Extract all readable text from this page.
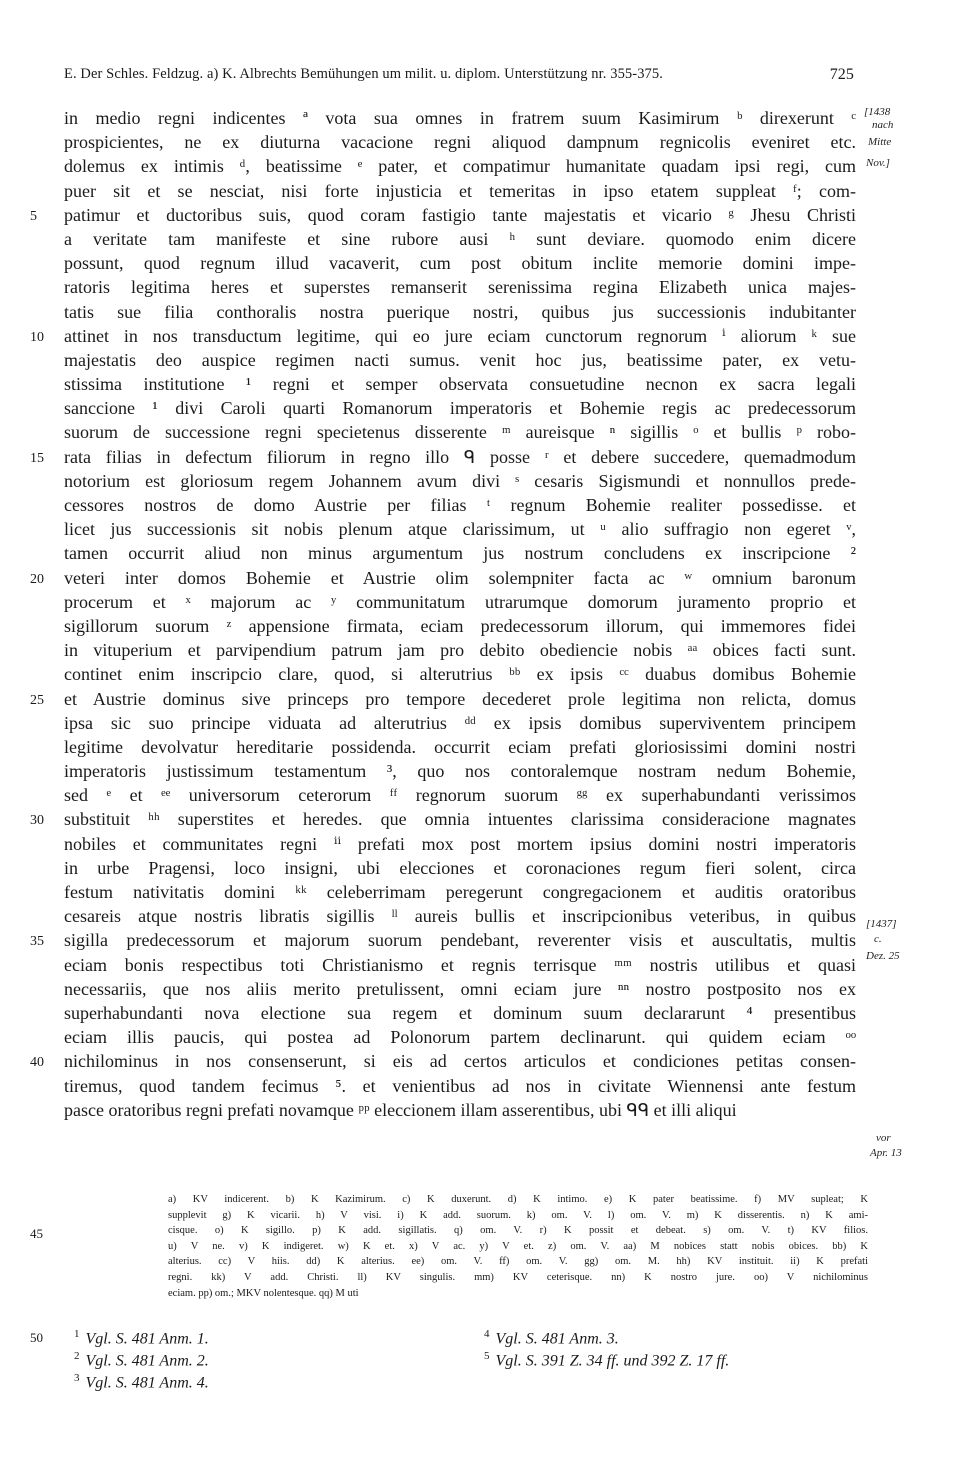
E. Der Schles. Feldzug. a) K. Albrechts Bemühungen um milit. u. diplom. Unterstützung nr. 355-375.	725
in medio regni indicentes ª vota sua omnes in fratrem suum Kasimirum ᵇ direxerunt ᶜ
prospicientes, ne ex diuturna vacacione regni aliquod dampnum regnicolis eveniret etc.
dolemus ex intimis ᵈ, beatissime ᵉ pater, et compatimur humanitate quadam ipsi regi, cum
puer sit et se nesciat, nisi forte injusticia et temeritas in ipso etatem suppleat ᶠ; com-
5	patimur et ductoribus suis, quod coram fastigio tante majestatis et vicario ᵍ Jhesu Christi
a veritate tam manifeste et sine rubore ausi ʰ sunt deviare. quomodo enim dicere
possunt, quod regnum illud vacaverit, cum post obitum inclite memorie domini impe-
ratoris legitima heres et superstes remanserit serenissima regina Elizabeth unica majes-
tatis sue filia conthoralis nostra puerique nostri, quibus jus successionis indubitanter
10	attinet in nos transductum legitime, qui eo jure eciam cunctorum regnorum ⁱ aliorum ᵏ sue
majestatis deo auspice regimen nacti sumus. venit hoc jus, beatissime pater, ex vetu-
stissima institutione ¹ regni et semper observata consuetudine necnon ex sacra legali
sanccione ¹ divi Caroli quarti Romanorum imperatoris et Bohemie regis ac predecessorum
suorum de successione regni specietenus disserente ᵐ aureisque ⁿ sigillis ᵒ et bullis ᵖ robo-
15	rata filias in defectum filiorum in regno illo ᑫ posse ʳ et debere succedere, quemadmodum
notorium est gloriosum regem Johannem avum divi ˢ cesaris Sigismundi et nonnullos prede-
cessores nostros de domo Austrie per filias ᵗ regnum Bohemie realiter possedisse. et
licet jus successionis sit nobis plenum atque clarissimum, ut ᵘ alio suffragio non egeret ᵛ,
tamen occurrit aliud non minus argumentum jus nostrum concludens ex inscripcione ²
20	veteri inter domos Bohemie et Austrie olim solempniter facta ac ʷ omnium baronum
procerum et ˣ majorum ac ʸ communitatum utrarumque domorum juramento proprio et
sigillorum suorum ᶻ appensione firmata, eciam predecessorum illorum, qui immemores fidei
in vituperium et parvipendium patrum jam pro debito obediencie nobis ᵃᵃ obices facti sunt.
continet enim inscripcio clare, quod, si alterutrius ᵇᵇ ex ipsis ᶜᶜ duabus domibus Bohemie
25	et Austrie dominus sive princeps pro tempore decederet prole legitima non relicta, domus
ipsa sic suo principe viduata ad alterutrius ᵈᵈ ex ipsis domibus superviventem principem
legitime devolvatur hereditarie possidenda. occurrit eciam prefati gloriosissimi domini nostri
imperatoris justissimum testamentum ³, quo nos contoralemque nostram nedum Bohemie,
sed ᵉ et ᵉᵉ universorum ceterorum ᶠᶠ regnorum suorum ᵍᵍ ex superhabundanti verissimos
30	substituit ʰʰ superstites et heredes. que omnia intuentes clarissima consideracione magnates
nobiles et communitates regni ⁱⁱ prefati mox post mortem ipsius domini nostri imperatoris
in urbe Pragensi, loco insigni, ubi elecciones et coronaciones regum fieri solent, circa
festum nativitatis domini ᵏᵏ celeberrimam peregerunt congregacionem et auditis oratoribus
cesareis atque nostris libratis sigillis ˡˡ aureis bullis et inscripcionibus veteribus, in quibus
35	sigilla predecessorum et majorum suorum pendebant, reverenter visis et auscultatis, multis
eciam bonis respectibus toti Christianismo et regnis terrisque ᵐᵐ nostris utilibus et quasi
necessariis, que nos aliis merito pretulissent, omni eciam jure ⁿⁿ nostro postposito nos ex
superhabundanti nova electione sua regem et dominum suum declararunt ⁴ presentibus
eciam illis paucis, qui postea ad Polonorum partem declinarunt. qui quidem eciam ᵒᵒ
40	nichilominus in nos consenserunt, si eis ad certos articulos et condiciones petitas consen-
tiremus, quod tandem fecimus ⁵. et venientibus ad nos in civitate Wiennensi ante festum
pasce oratoribus regni prefati novamque ᵖᵖ eleccionem illam asserentibus, ubi ᑫᑫ et illi aliqui
[1438
nach
Mitte
Nov.]
[1437]
c.
Dez. 25
vor
Apr. 13
a) KV indicerent. b) K Kazimirum. c) K duxerunt. d) K intimo. e) K pater beatissime. f) MV supleat; K
supplevit g) K vicarii. h) V visi. i) K add. suorum. k) om. V. l) om. V. m) K disserentis. n) K ami-
cisque. o) K sigillo. p) K add. sigillatis. q) om. V. r) K possit et debeat. s) om. V. t) KV filios.
u) V ne. v) K indigeret. w) K et. x) V ac. y) V et. z) om. V. aa) M nobices statt nobis obices. bb) K
alterius. cc) V hiis. dd) K alterius. ee) om. V. ff) om. V. gg) om. M. hh) KV instituit. ii) K prefati
regni. kk) V add. Christi. ll) KV singulis. mm) KV ceterisque. nn) K nostro jure. oo) V nichilominus
eciam. pp) om.; MKV nolentesque. qq) M uti
45
50	$^1$ Vgl. S. 481 Anm. 1.
$^2$ Vgl. S. 481 Anm. 2.
$^3$ Vgl. S. 481 Anm. 4.
$^4$ Vgl. S. 481 Anm. 3.
$^5$ Vgl. S. 391 Z. 34 ff. und 392 Z. 17 ff.
